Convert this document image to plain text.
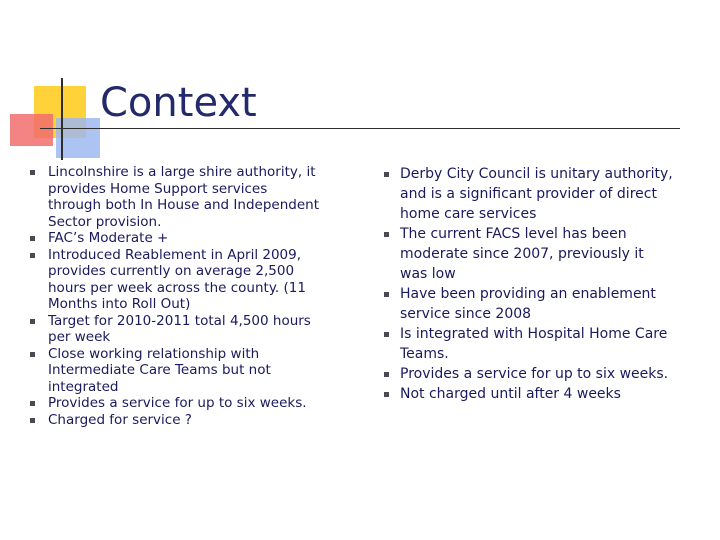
Context
Lincolnshire is a large shire authority, it provides Home Support services through both In House and Independent Sector provision.
FAC’s Moderate +
Introduced Reablement in April 2009, provides currently on average 2,500 hours per week across the county. (11 Months into Roll Out)
Target for 2010-2011 total 4,500 hours per week
Close working relationship with Intermediate Care Teams but not integrated
Provides a service for up to six weeks.
Charged for service ?
Derby City Council is unitary authority, and is a significant provider of direct home care services
The current FACS level has been moderate since 2007, previously it was low
Have been providing an enablement service since 2008
Is integrated with Hospital Home Care Teams.
Provides a service for up to six weeks.
Not charged until after 4 weeks
